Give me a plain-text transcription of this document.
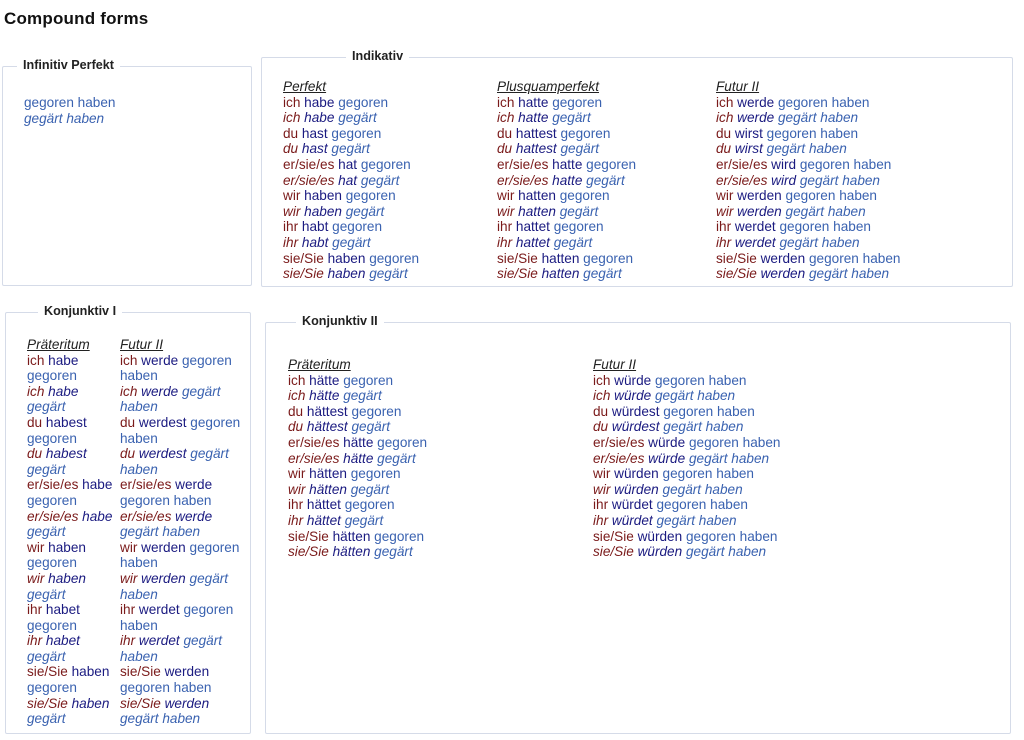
Compound forms
Infinitiv Perfekt
gegoren haben
gegärt haben
Indikativ
Perfekt
ich habe gegoren
ich habe gegärt
du hast gegoren
du hast gegärt
er/sie/es hat gegoren
er/sie/es hat gegärt
wir haben gegoren
wir haben gegärt
ihr habt gegoren
ihr habt gegärt
sie/Sie haben gegoren
sie/Sie haben gegärt
Plusquamperfekt
ich hatte gegoren
ich hatte gegärt
du hattest gegoren
du hattest gegärt
er/sie/es hatte gegoren
er/sie/es hatte gegärt
wir hatten gegoren
wir hatten gegärt
ihr hattet gegoren
ihr hattet gegärt
sie/Sie hatten gegoren
sie/Sie hatten gegärt
Futur II
ich werde gegoren haben
ich werde gegärt haben
du wirst gegoren haben
du wirst gegärt haben
er/sie/es wird gegoren haben
er/sie/es wird gegärt haben
wir werden gegoren haben
wir werden gegärt haben
ihr werdet gegoren haben
ihr werdet gegärt haben
sie/Sie werden gegoren haben
sie/Sie werden gegärt haben
Konjunktiv I
Präteritum
ich habe gegoren
ich habe gegärt
du habest gegoren
du habest gegärt
er/sie/es habe gegoren
er/sie/es habe gegärt
wir haben gegoren
wir haben gegärt
ihr habet gegoren
ihr habet gegärt
sie/Sie haben gegoren
sie/Sie haben gegärt
Futur II
ich werde gegoren haben
ich werde gegärt haben
du werdest gegoren haben
du werdest gegärt haben
er/sie/es werde gegoren haben
er/sie/es werde gegärt haben
wir werden gegoren haben
wir werden gegärt haben
ihr werdet gegoren haben
ihr werdet gegärt haben
sie/Sie werden gegoren haben
sie/Sie werden gegärt haben
Konjunktiv II
Präteritum
ich hätte gegoren
ich hätte gegärt
du hättest gegoren
du hättest gegärt
er/sie/es hätte gegoren
er/sie/es hätte gegärt
wir hätten gegoren
wir hätten gegärt
ihr hättet gegoren
ihr hättet gegärt
sie/Sie hätten gegoren
sie/Sie hätten gegärt
Futur II
ich würde gegoren haben
ich würde gegärt haben
du würdest gegoren haben
du würdest gegärt haben
er/sie/es würde gegoren haben
er/sie/es würde gegärt haben
wir würden gegoren haben
wir würden gegärt haben
ihr würdet gegoren haben
ihr würdet gegärt haben
sie/Sie würden gegoren haben
sie/Sie würden gegärt haben
